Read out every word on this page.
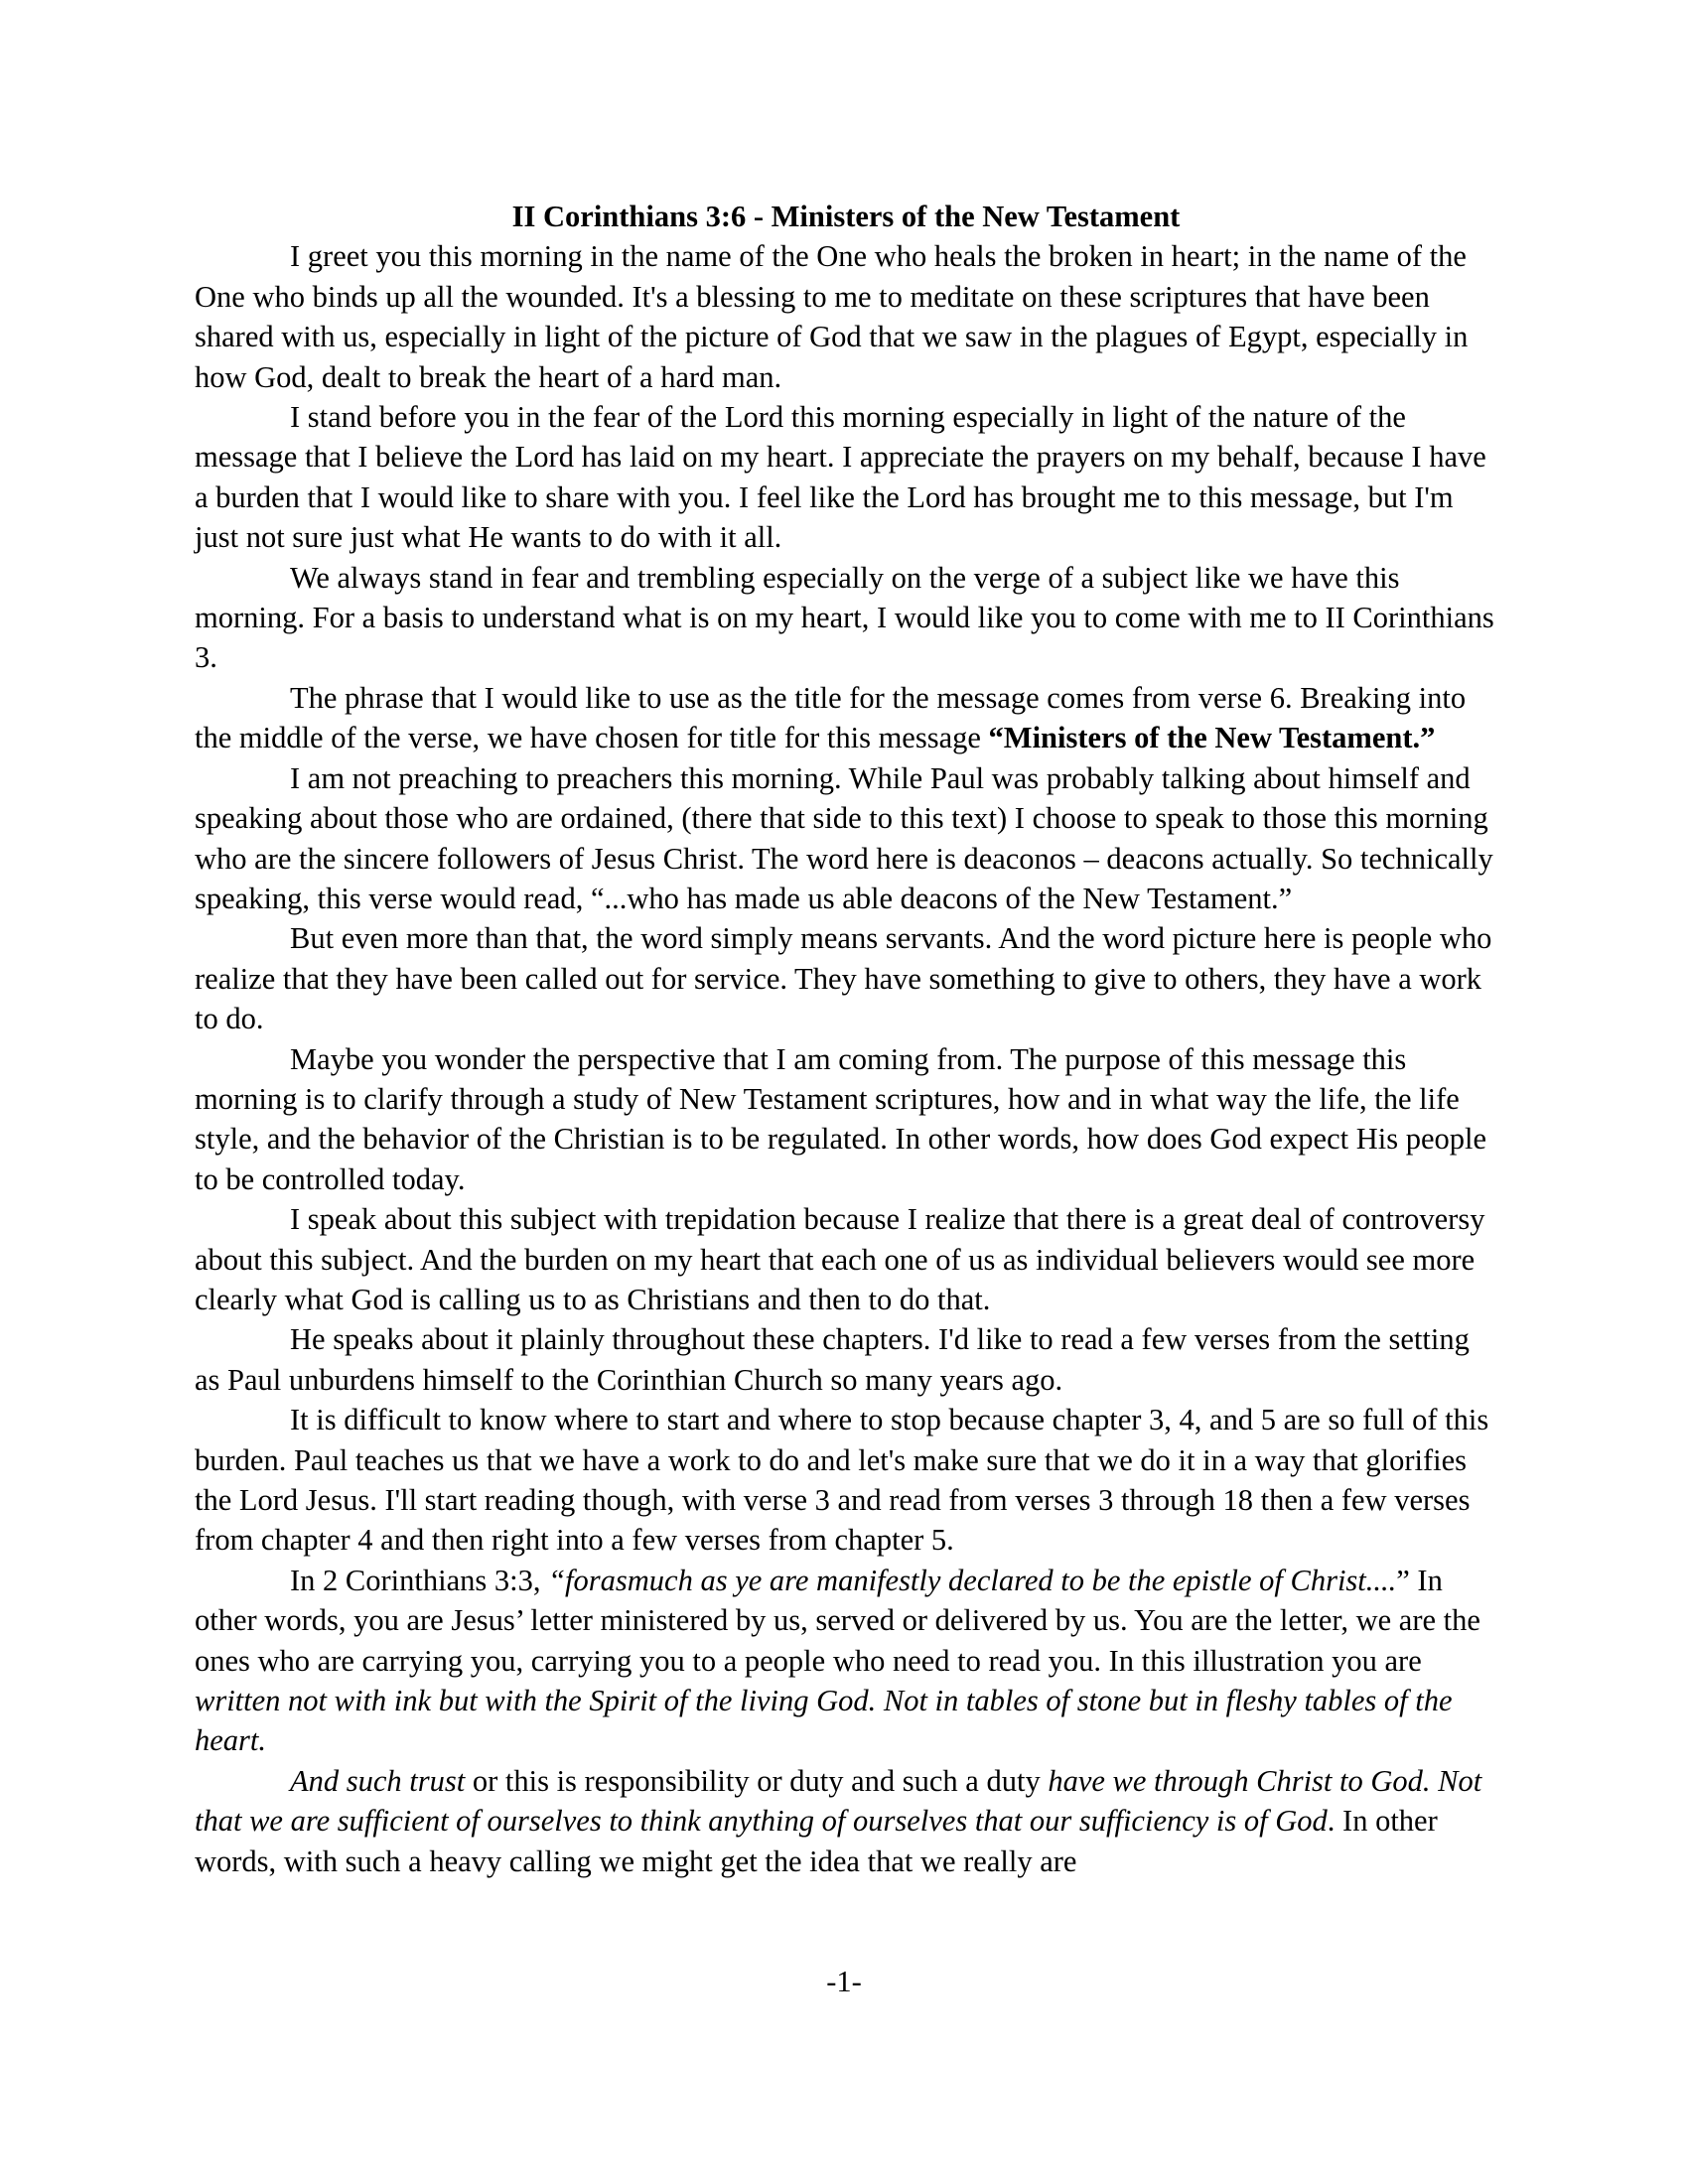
II Corinthians 3:6 - Ministers of the New Testament

I greet you this morning in the name of the One who heals the broken in heart; in the name of the One who binds up all the wounded. It's a blessing to me to meditate on these scriptures that have been shared with us, especially in light of the picture of God that we saw in the plagues of Egypt, especially in how God, dealt to break the heart of a hard man.

I stand before you in the fear of the Lord this morning especially in light of the nature of the message that I believe the Lord has laid on my heart. I appreciate the prayers on my behalf, because I have a burden that I would like to share with you. I feel like the Lord has brought me to this message, but I'm just not sure just what He wants to do with it all.

We always stand in fear and trembling especially on the verge of a subject like we have this morning. For a basis to understand what is on my heart, I would like you to come with me to II Corinthians 3.

The phrase that I would like to use as the title for the message comes from verse 6. Breaking into the middle of the verse, we have chosen for title for this message “Ministers of the New Testament.”

I am not preaching to preachers this morning. While Paul was probably talking about himself and speaking about those who are ordained, (there that side to this text) I choose to speak to those this morning who are the sincere followers of Jesus Christ. The word here is deaconos – deacons actually. So technically speaking, this verse would read, “...who has made us able deacons of the New Testament.”

But even more than that, the word simply means servants. And the word picture here is people who realize that they have been called out for service. They have something to give to others, they have a work to do.

Maybe you wonder the perspective that I am coming from. The purpose of this message this morning is to clarify through a study of New Testament scriptures, how and in what way the life, the life style, and the behavior of the Christian is to be regulated. In other words, how does God expect His people to be controlled today.

I speak about this subject with trepidation because I realize that there is a great deal of controversy about this subject. And the burden on my heart that each one of us as individual believers would see more clearly what God is calling us to as Christians and then to do that.

He speaks about it plainly throughout these chapters. I'd like to read a few verses from the setting as Paul unburdens himself to the Corinthian Church so many years ago.

It is difficult to know where to start and where to stop because chapter 3, 4, and 5 are so full of this burden. Paul teaches us that we have a work to do and let's make sure that we do it in a way that glorifies the Lord Jesus. I'll start reading though, with verse 3 and read from verses 3 through 18 then a few verses from chapter 4 and then right into a few verses from chapter 5.

In 2 Corinthians 3:3, “forasmuch as ye are manifestly declared to be the epistle of Christ....” In other words, you are Jesus’ letter ministered by us, served or delivered by us. You are the letter, we are the ones who are carrying you, carrying you to a people who need to read you. In this illustration you are written not with ink but with the Spirit of the living God. Not in tables of stone but in fleshy tables of the heart.

And such trust or this is responsibility or duty and such a duty have we through Christ to God. Not that we are sufficient of ourselves to think anything of ourselves that our sufficiency is of God. In other words, with such a heavy calling we might get the idea that we really are

-1-
